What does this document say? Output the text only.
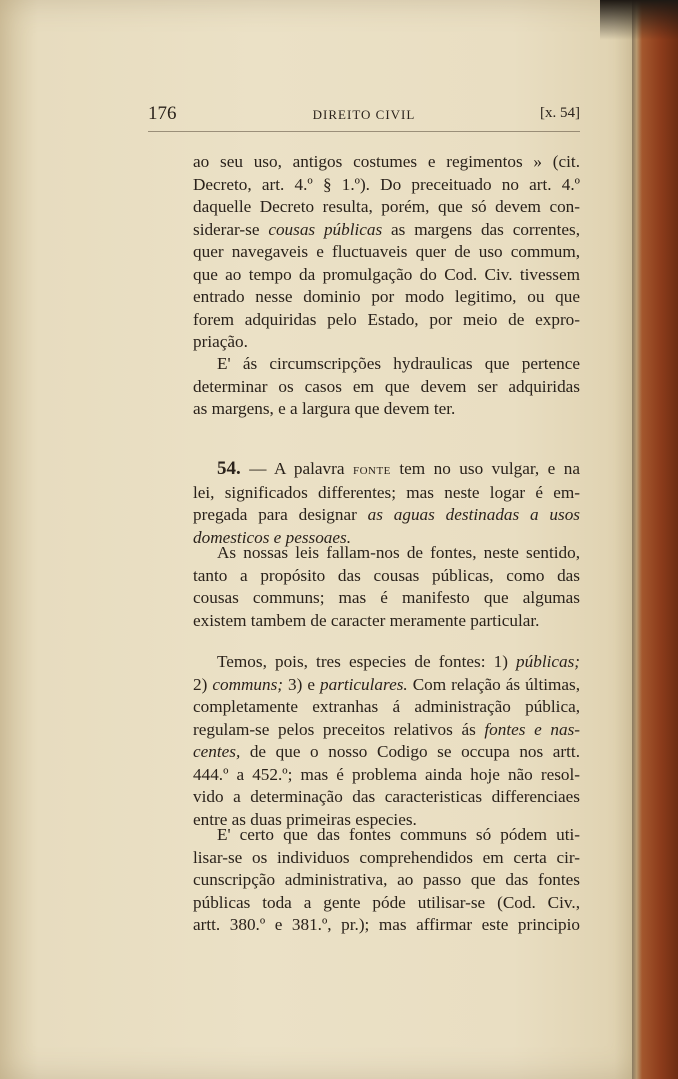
176	DIREITO CIVIL	[x. 54]
ao seu uso, antigos costumes e regimentos » (cit.
Decreto, art. 4.º § 1.º). Do preceituado no art. 4.º
daquelle Decreto resulta, porém, que só devem con-
siderar-se cousas públicas as margens das correntes,
quer navegaveis e fluctuaveis quer de uso commum,
que ao tempo da promulgação do Cod. Civ. tivessem
entrado nesse dominio por modo legitimo, ou que
forem adquiridas pelo Estado, por meio de expro-
priação.
E' ás circumscripções hydraulicas que pertence
determinar os casos em que devem ser adquiridas
as margens, e a largura que devem ter.
54. — A palavra fonte tem no uso vulgar, e na
lei, significados differentes; mas neste logar é em-
pregada para designar as aguas destinadas a usos
domesticos e pessoaes.
As nossas leis fallam-nos de fontes, neste sentido,
tanto a propósito das cousas públicas, como das
cousas communs; mas é manifesto que algumas
existem tambem de caracter meramente particular.
Temos, pois, tres especies de fontes: 1) públicas;
2) communs; 3) e particulares. Com relação ás últimas,
completamente extranhas á administração pública,
regulam-se pelos preceitos relativos ás fontes e nas-
centes, de que o nosso Codigo se occupa nos artt.
444.º a 452.º; mas é problema ainda hoje não resol-
vido a determinação das caracteristicas differenciaes
entre as duas primeiras especies.
E' certo que das fontes communs só pódem uti-
lisar-se os individuos comprehendidos em certa cir-
cunscripção administrativa, ao passo que das fontes
públicas toda a gente póde utilisar-se (Cod. Civ.,
artt. 380.º e 381.º, pr.); mas affirmar este principio
